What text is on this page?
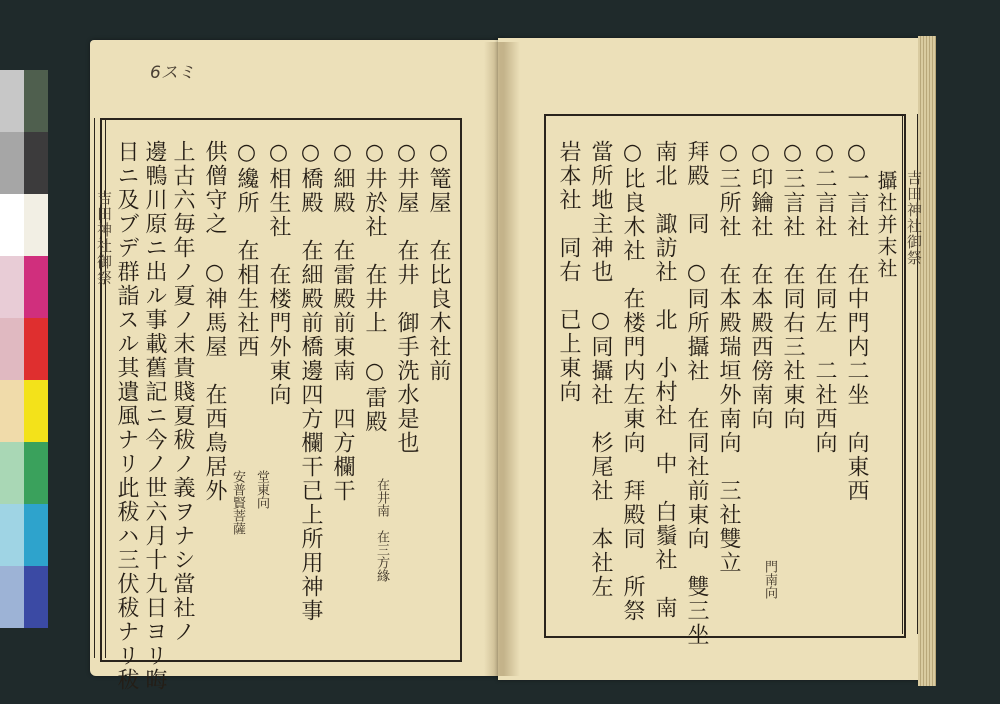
6スミ
吉田神社御祭	吉田神社御祭
○篭屋　在比良木社前
○井屋　在井　御手洗水是也
○井於社　在井上　○雷殿
○細殿　在雷殿前東南　四方欄干
○橋殿　在細殿前橋邊四方欄干已上所用神事
○相生社　在楼門外東向
○纔所　在相生社西
供僧守之　○神馬屋　在西鳥居外
上古六毎年ノ夏ノ末貴賤夏秡ノ義ヲナシ當社ノ
邊鴨川原ニ出ル事載舊記ニ今ノ世六月十九日ヨリ晦
日ニ及ブデ群詣スル其遺風ナリ此秡ハ三伏秡ナリ秡	在井南　在三方緣
堂東向
安普賢菩薩
攝社并末社
○一言社　在中門内二坐　向東西
○二言社　在同左　二社西向
○三言社　在同右三社東向
○印鑰社　在本殿西傍南向
○三所社　在本殿瑞垣外南向　三社雙立
拜殿　同　○同所攝社　在同社前東向　雙三坐
南北　諏訪社　北　小村社　中　白鬚社　南
○比良木社　在楼門内左東向　拜殿同　所祭
當所地主神也　○同攝社　杉尾社　本社左
岩本社　同右　已上東向
門南向
